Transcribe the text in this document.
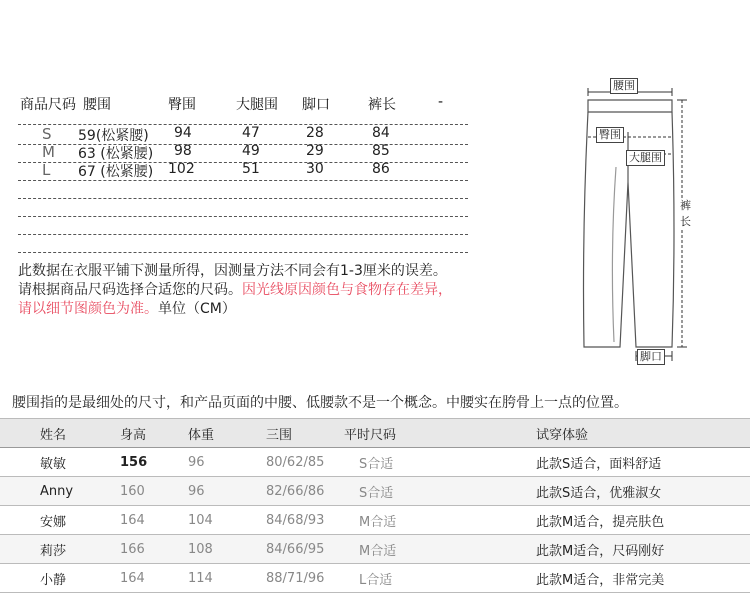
商品尺码 腰围	臀围	大腿围 脚口	裤长	-
S 59(松紧腰) 94	47	28	84
M 63 (松紧腰) 98	49	29	85
L 67 (松紧腰) 102	51	30	86
此数据在衣服平铺下测量所得，因测量方法不同会有1-3厘米的误差。
请根据商品尺码选择合适您的尺码。因光线原因颜色与食物存在差异，
请以细节图颜色为准。单位（CM）
腰围
臀围
大腿围
裤
长
脚口
腰围指的是最细处的尺寸，和产品页面的中腰、低腰款不是一个概念。中腰实在胯骨上一点的位置。
姓名	身高	体重	三围	平时尺码	试穿体验
敏敏	156	96	80/62/85	S合适	此款S适合，面料舒适
Anny	160	96	82/66/86	S合适	此款S适合，优雅淑女
安娜	164	104	84/68/93	M合适	此款M适合，提亮肤色
莉莎	166	108	84/66/95	M合适	此款M适合，尺码刚好
小静	164	114	88/71/96	L合适	此款M适合，非常完美
